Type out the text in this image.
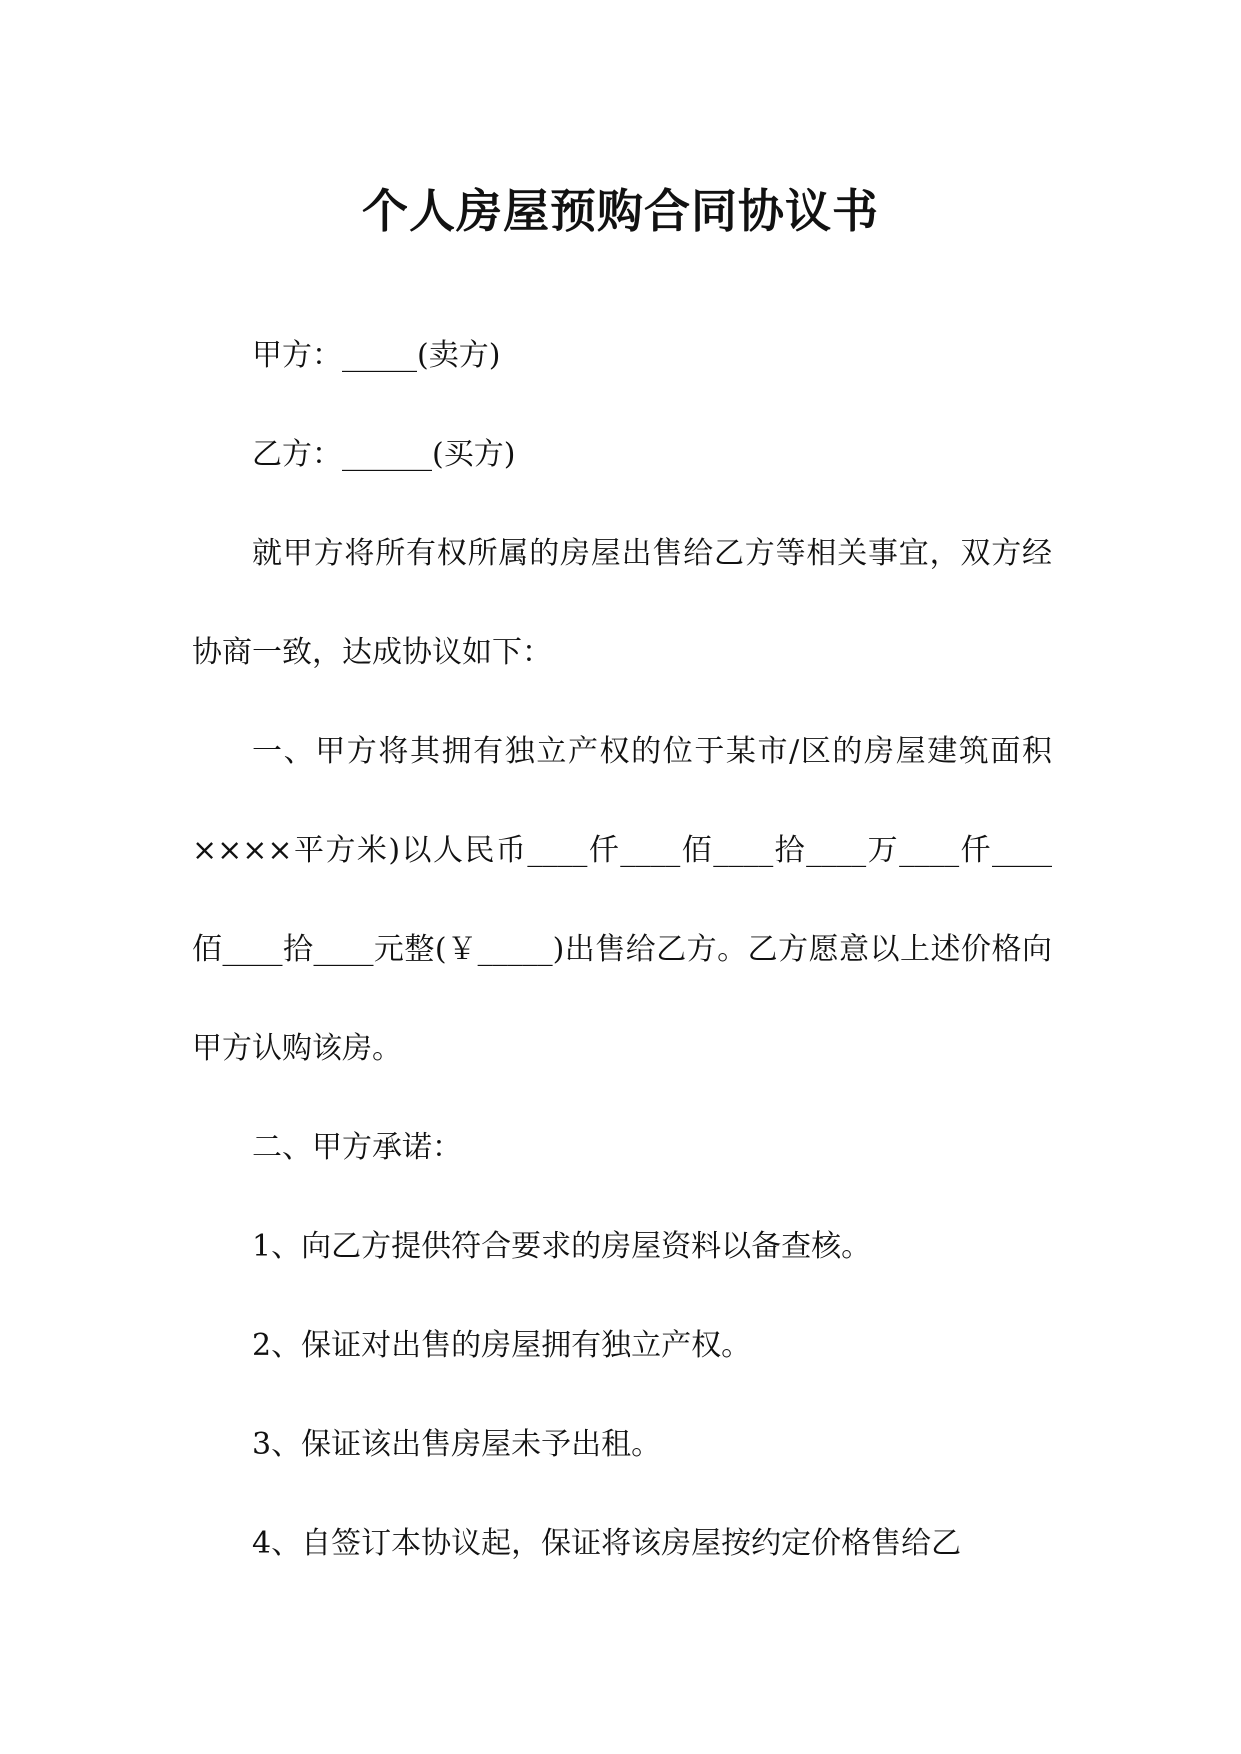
个人房屋预购合同协议书

甲方：_____(卖方)

乙方：______(买方)

就甲方将所有权所属的房屋出售给乙方等相关事宜，双方经协商一致，达成协议如下：

一、甲方将其拥有独立产权的位于某市/区的房屋建筑面积××××平方米)以人民币____仟____佰____拾____万____仟____佰____拾____元整(￥_____)出售给乙方。乙方愿意以上述价格向甲方认购该房。

二、甲方承诺：

1、向乙方提供符合要求的房屋资料以备查核。

2、保证对出售的房屋拥有独立产权。

3、保证该出售房屋未予出租。

4、自签订本协议起，保证将该房屋按约定价格售给乙
